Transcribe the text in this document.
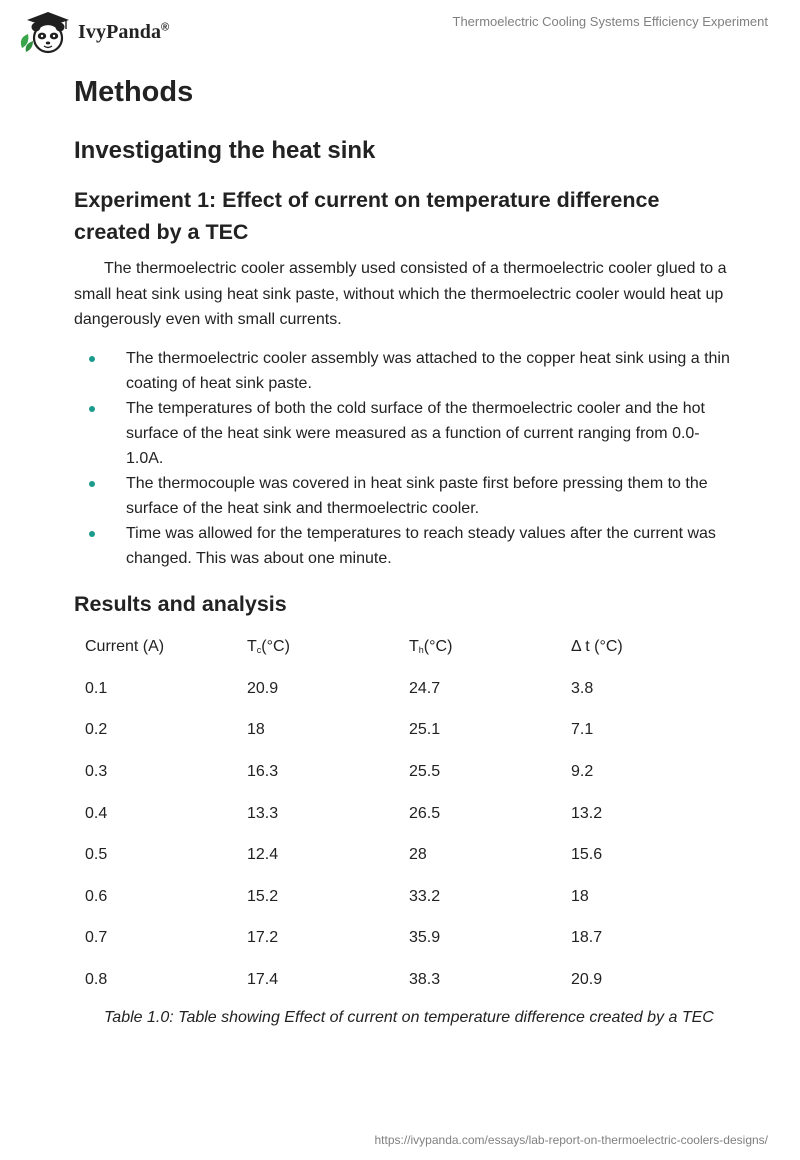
IvyPanda®	Thermoelectric Cooling Systems Efficiency Experiment
Methods
Investigating the heat sink
Experiment 1: Effect of current on temperature difference created by a TEC

The thermoelectric cooler assembly used consisted of a thermoelectric cooler glued to a small heat sink using heat sink paste, without which the thermoelectric cooler would heat up dangerously even with small currents.

The thermoelectric cooler assembly was attached to the copper heat sink using a thin coating of heat sink paste.
The temperatures of both the cold surface of the thermoelectric cooler and the hot surface of the heat sink were measured as a function of current ranging from 0.0-1.0A.
The thermocouple was covered in heat sink paste first before pressing them to the surface of the heat sink and thermoelectric cooler.
Time was allowed for the temperatures to reach steady values after the current was changed. This was about one minute.
Results and analysis
Current (A)	$T_c(^\circ C)$	$T_h(^\circ C)$	Δ t (°C)
0.1	20.9	24.7	3.8
0.2	18	25.1	7.1
0.3	16.3	25.5	9.2
0.4	13.3	26.5	13.2
0.5	12.4	28	15.6
0.6	15.2	33.2	18
0.7	17.2	35.9	18.7
0.8	17.4	38.3	20.9

Table 1.0: Table showing Effect of current on temperature difference created by a TEC

https://ivypanda.com/essays/lab-report-on-thermoelectric-coolers-designs/
